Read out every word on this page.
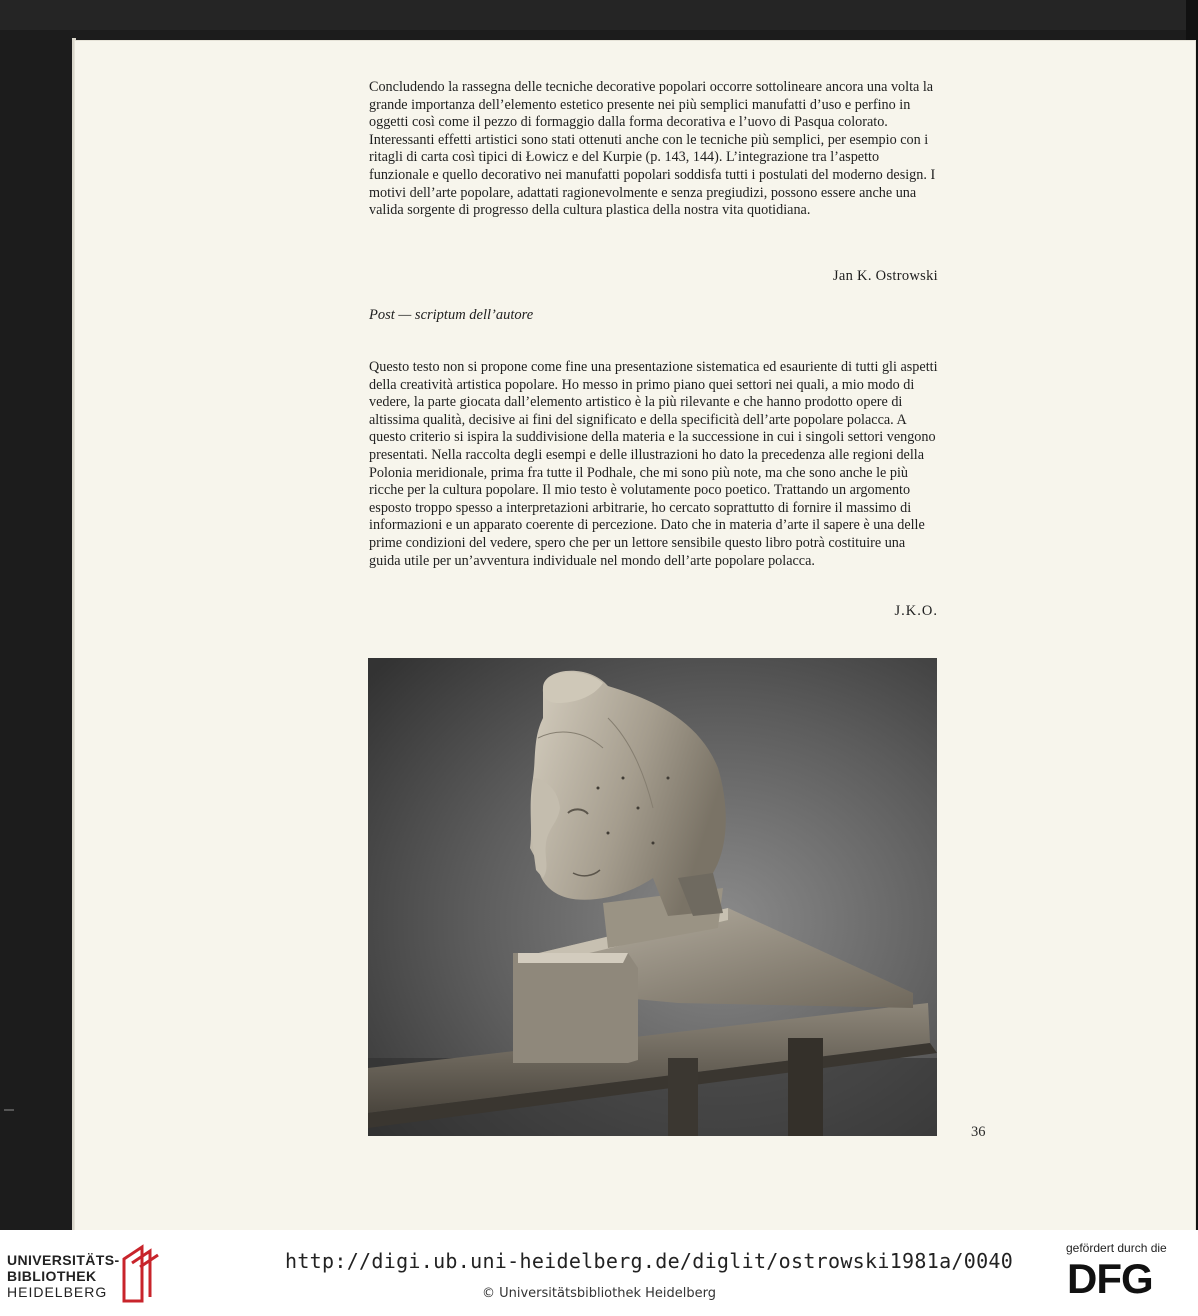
Concludendo la rassegna delle tecniche decorative popolari occorre sottolineare ancora una volta la grande importanza dell’elemento estetico presente nei più semplici manufatti d’uso e perfino in oggetti così come il pezzo di formaggio dalla forma decorativa e l’uovo di Pasqua colorato. Interessanti effetti artistici sono stati ottenuti anche con le tecniche più semplici, per esempio con i ritagli di carta così tipici di Łowicz e del Kurpie (p. 143, 144). L’integrazione tra l’aspetto funzionale e quello decorativo nei manufatti popolari soddisfa tutti i postulati del moderno design. I motivi dell’arte popolare, adattati ragionevolmente e senza pregiudizi, possono essere anche una valida sorgente di progresso della cultura plastica della nostra vita quotidiana.

Jan K. Ostrowski
Post — scriptum dell’autore

Questo testo non si propone come fine una presentazione sistematica ed esauriente di tutti gli aspetti della creatività artistica popolare. Ho messo in primo piano quei settori nei quali, a mio modo di vedere, la parte giocata dall’elemento artistico è la più rilevante e che hanno prodotto opere di altissima qualità, decisive ai fini del significato e della specificità dell’arte popolare polacca. A questo criterio si ispira la suddivisione della materia e la successione in cui i singoli settori vengono presentati. Nella raccolta degli esempi e delle illustrazioni ho dato la precedenza alle regioni della Polonia meridionale, prima fra tutte il Podhale, che mi sono più note, ma che sono anche le più ricche per la cultura popolare. Il mio testo è volutamente poco poetico. Trattando un argomento esposto troppo spesso a interpretazioni arbitrarie, ho cercato soprattutto di fornire il massimo di informazioni e un apparato coerente di percezione. Dato che in materia d’arte il sapere è una delle prime condizioni del vedere, spero che per un lettore sensibile questo libro potrà costituire una guida utile per un’avventura individuale nel mondo dell’arte popolare polacca.

J.K.O.
36
UNIVERSITÄTS-
BIBLIOTHEK
HEIDELBERG
http://digi.ub.uni-heidelberg.de/diglit/ostrowski1981a/0040
© Universitätsbibliothek Heidelberg
gefördert durch die
DFG
